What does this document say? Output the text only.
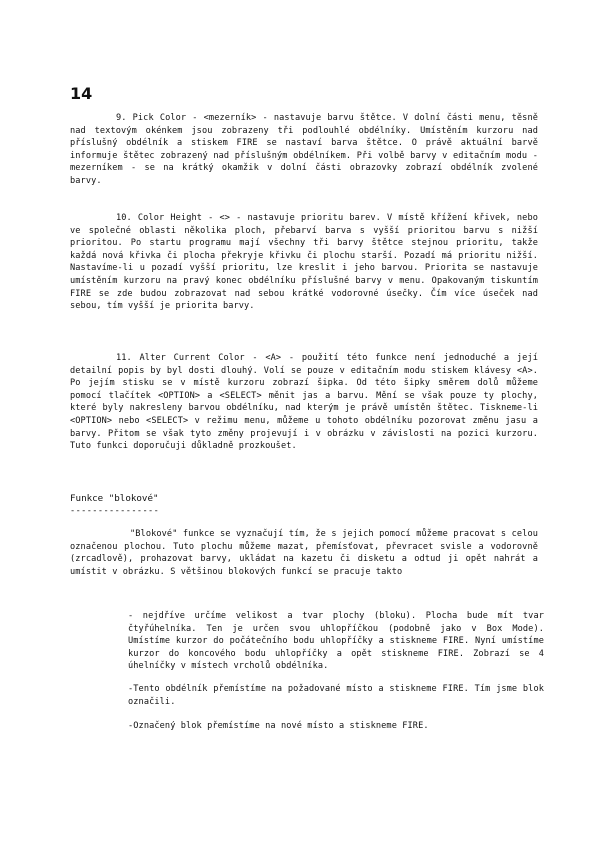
14

9. Pick Color - <mezerník> - nastavuje barvu štětce. V dolní části menu, těsně nad textovým okénkem jsou zobrazeny tři podlouhlé obdélníky. Umístěním kurzoru nad příslušný obdélník a stiskem FIRE se nastaví barva štětce. O právě aktuální barvě informuje štětec zobrazený nad příslušným obdélníkem. Při volbě barvy v editačním modu - mezerníkem - se na krátký okamžik v dolní části obrazovky zobrazí obdélník zvolené barvy.

10. Color Height - <> - nastavuje prioritu barev. V místě křížení křivek, nebo ve společné oblasti několika ploch, přebarví barva s vyšší prioritou barvu s nižší prioritou. Po startu programu mají všechny tři barvy štětce stejnou prioritu, takže každá nová křivka či plocha překryje křivku či plochu starší. Pozadí má prioritu nižší. Nastavíme-li u pozadí vyšší prioritu, lze kreslit i jeho barvou. Priorita se nastavuje umístěním kurzoru na pravý konec obdélníku příslušné barvy v menu. Opakovaným tiskuntím FIRE se zde budou zobrazovat nad sebou krátké vodorovné úsečky. Čím více úseček nad sebou, tím vyšší je priorita barvy.

11. Alter Current Color - <A> - použití této funkce není jednoduché a její detailní popis by byl dosti dlouhý. Volí se pouze v editačním modu stiskem klávesy <A>. Po jejím stisku se v místě kurzoru zobrazí šipka. Od této šipky směrem dolů můžeme pomocí tlačítek <OPTION> a <SELECT> měnit jas a barvu. Mění se však pouze ty plochy, které byly nakresleny barvou obdélníku, nad kterým je právě umístěn štětec. Tiskneme-li <OPTION> nebo <SELECT> v režimu menu, můžeme u tohoto obdélníku pozorovat změnu jasu a barvy. Přitom se však tyto změny projevují i v obrázku v závislosti na pozici kurzoru. Tuto funkci doporučuji důkladně prozkoušet.

Funkce "blokové"
----------------

"Blokové" funkce se vyznačují tím, že s jejich pomocí můžeme pracovat s celou označenou plochou. Tuto plochu můžeme mazat, přemísťovat, převracet svisle a vodorovně (zrcadlově), prohazovat barvy, ukládat na kazetu či disketu a odtud ji opět nahrát a umístit v obrázku. S většinou blokových funkcí se pracuje takto

- nejdříve určíme velikost a tvar plochy (bloku). Plocha bude mít tvar čtyřúhelníka. Ten je určen svou uhlopříčkou (podobně jako v Box Mode). Umístíme kurzor do počátečního bodu uhlopříčky a stiskneme FIRE. Nyní umístíme kurzor do koncového bodu uhlopříčky a opět stiskneme FIRE. Zobrazí se 4 úhelníčky v místech vrcholů obdélníka.

-Tento obdélník přemístíme na požadované místo a stiskneme FIRE. Tím jsme blok označili.

-Označený blok přemístíme na nové místo a stiskneme FIRE.
